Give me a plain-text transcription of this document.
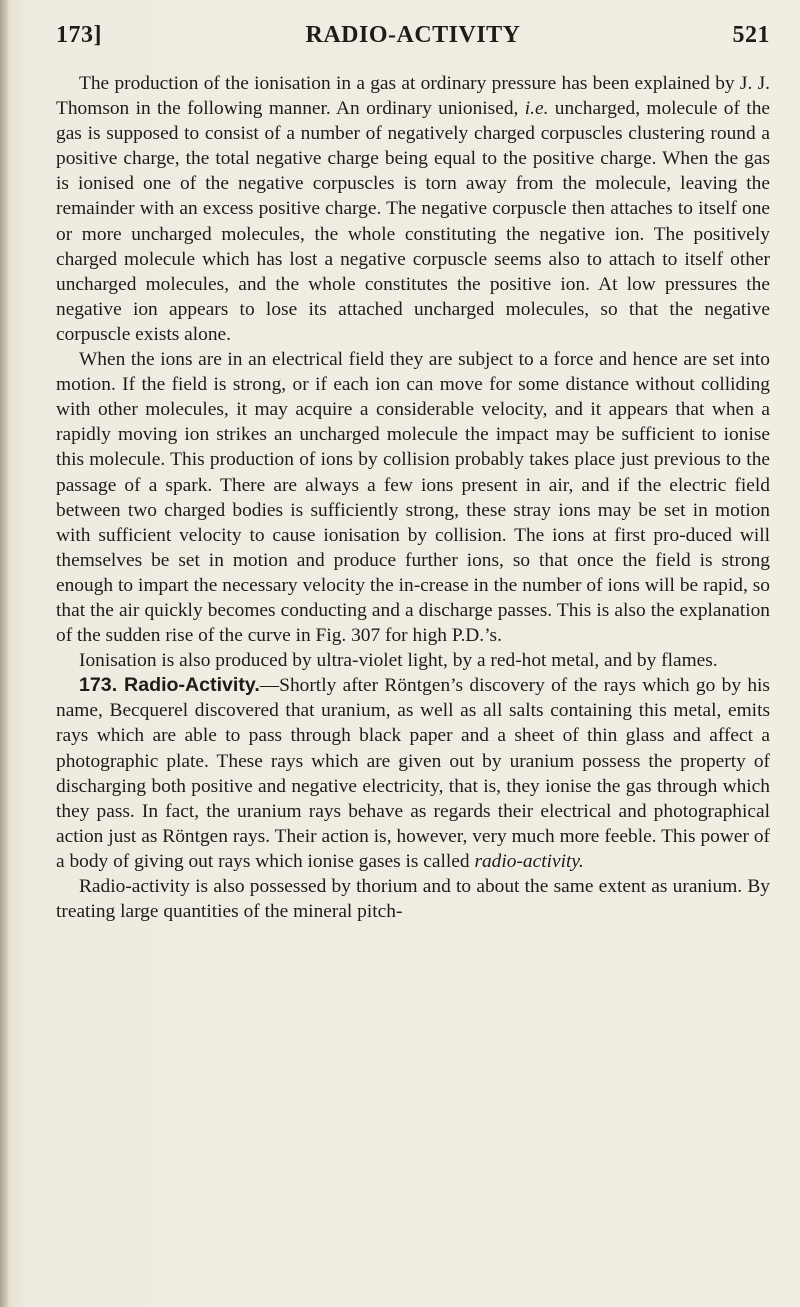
173]	RADIO-ACTIVITY	521

The production of the ionisation in a gas at ordinary pressure has been explained by J. J. Thomson in the following manner. An ordinary unionised, i.e. uncharged, molecule of the gas is supposed to consist of a number of negatively charged corpuscles clustering round a positive charge, the total negative charge being equal to the positive charge. When the gas is ionised one of the negative corpuscles is torn away from the molecule, leaving the remainder with an excess positive charge. The negative corpuscle then attaches to itself one or more uncharged molecules, the whole constituting the negative ion. The positively charged molecule which has lost a negative corpuscle seems also to attach to itself other uncharged molecules, and the whole constitutes the positive ion. At low pressures the negative ion appears to lose its attached uncharged molecules, so that the negative corpuscle exists alone.

When the ions are in an electrical field they are subject to a force and hence are set into motion. If the field is strong, or if each ion can move for some distance without colliding with other molecules, it may acquire a considerable velocity, and it appears that when a rapidly moving ion strikes an uncharged molecule the impact may be sufficient to ionise this molecule. This production of ions by collision probably takes place just previous to the passage of a spark. There are always a few ions present in air, and if the electric field between two charged bodies is sufficiently strong, these stray ions may be set in motion with sufficient velocity to cause ionisation by collision. The ions at first pro-duced will themselves be set in motion and produce further ions, so that once the field is strong enough to impart the necessary velocity the in-crease in the number of ions will be rapid, so that the air quickly becomes conducting and a discharge passes. This is also the explanation of the sudden rise of the curve in Fig. 307 for high P.D.’s.

Ionisation is also produced by ultra-violet light, by a red-hot metal, and by flames.

173. Radio-Activity.—Shortly after Röntgen’s discovery of the rays which go by his name, Becquerel discovered that uranium, as well as all salts containing this metal, emits rays which are able to pass through black paper and a sheet of thin glass and affect a photographic plate. These rays which are given out by uranium possess the property of discharging both positive and negative electricity, that is, they ionise the gas through which they pass. In fact, the uranium rays behave as regards their electrical and photographical action just as Röntgen rays. Their action is, however, very much more feeble. This power of a body of giving out rays which ionise gases is called radio-activity.

Radio-activity is also possessed by thorium and to about the same extent as uranium. By treating large quantities of the mineral pitch-
